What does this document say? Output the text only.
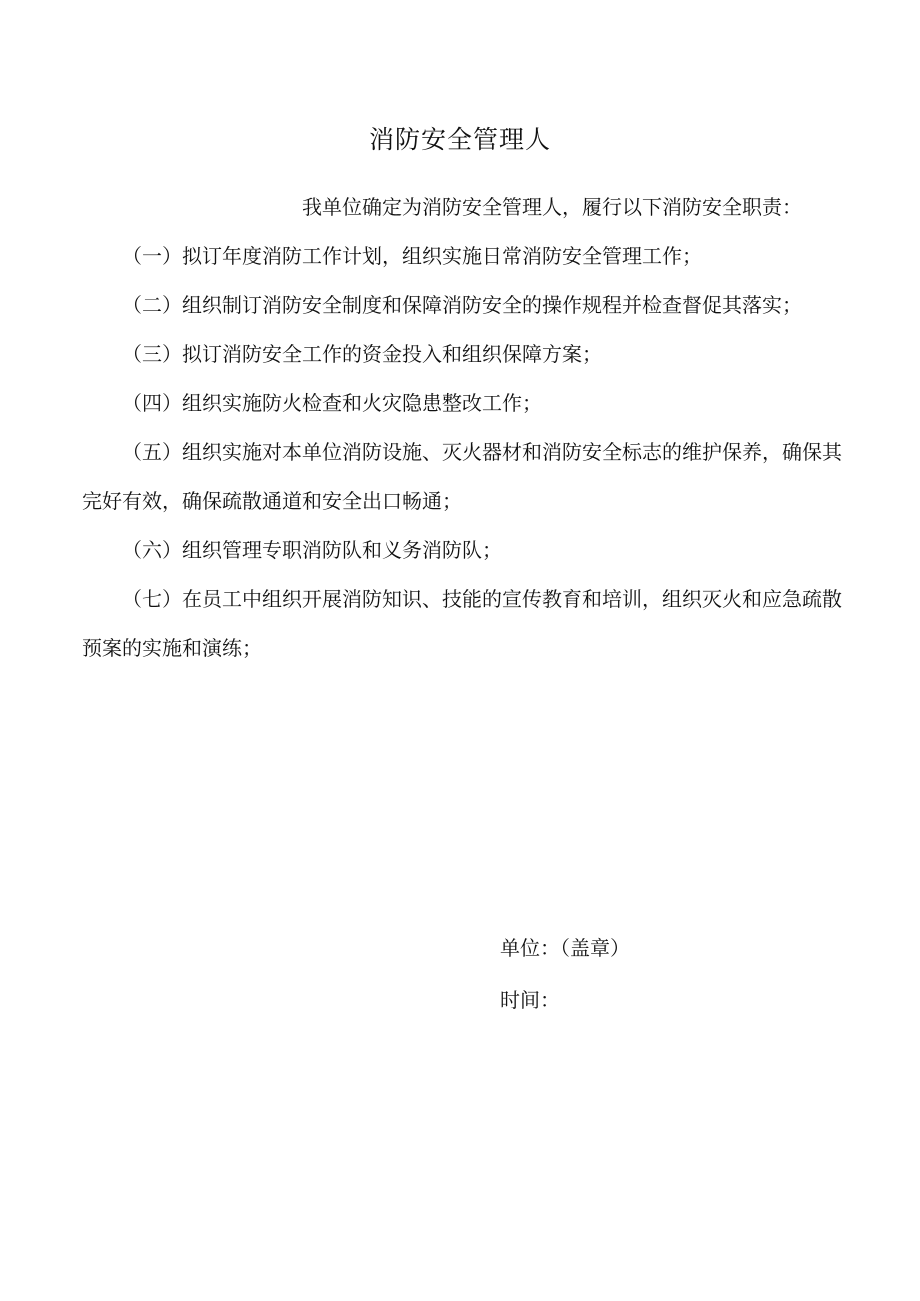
消防安全管理人

我单位确定为消防安全管理人，履行以下消防安全职责：

（一）拟订年度消防工作计划，组织实施日常消防安全管理工作；

（二）组织制订消防安全制度和保障消防安全的操作规程并检查督促其落实；

（三）拟订消防安全工作的资金投入和组织保障方案；

（四）组织实施防火检查和火灾隐患整改工作；

（五）组织实施对本单位消防设施、灭火器材和消防安全标志的维护保养，确保其完好有效，确保疏散通道和安全出口畅通；

（六）组织管理专职消防队和义务消防队；

（七）在员工中组织开展消防知识、技能的宣传教育和培训，组织灭火和应急疏散预案的实施和演练；

单位：（盖章）
时间：
